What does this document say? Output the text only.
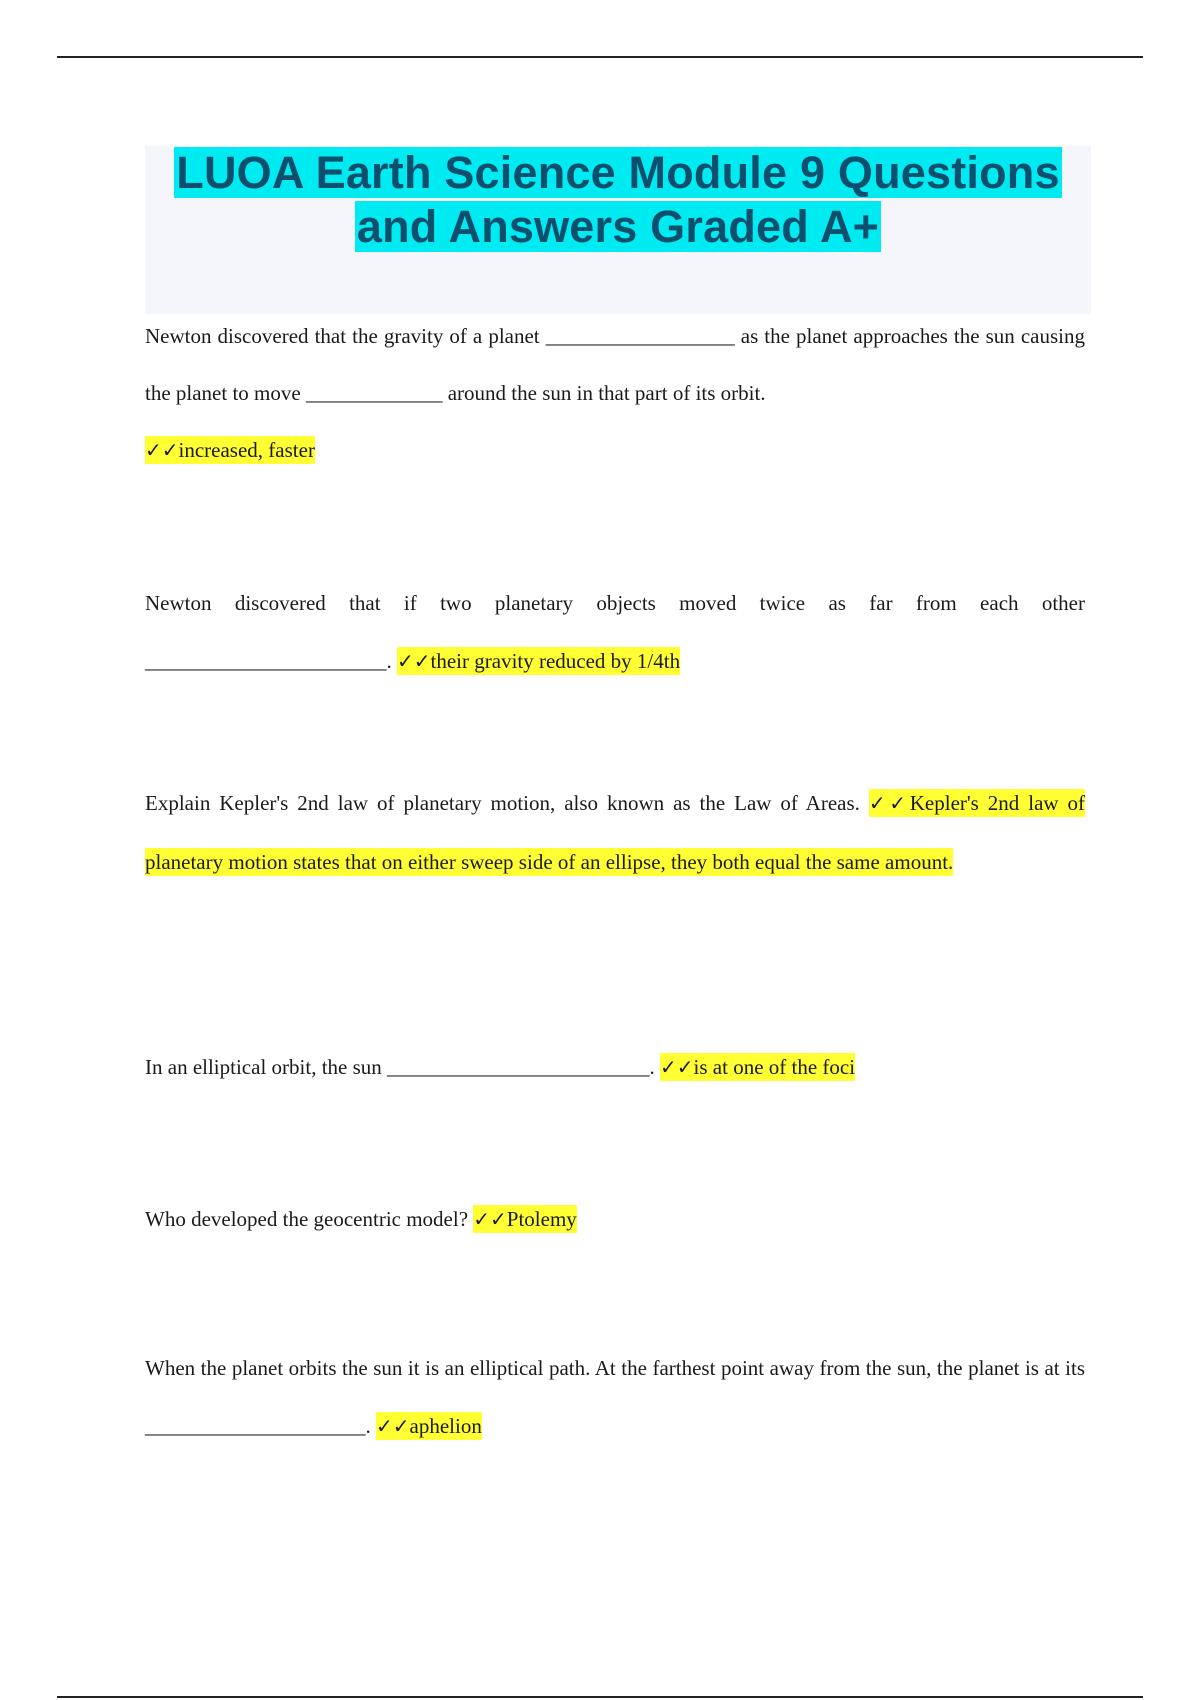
LUOA Earth Science Module 9 Questions
and Answers Graded A+

Newton discovered that the gravity of a planet __________________ as the planet approaches the sun causing the planet to move _____________ around the sun in that part of its orbit.
✓✓increased, faster

Newton discovered that if two planetary objects moved twice as far from each other _______________________. ✓✓their gravity reduced by 1/4th

Explain Kepler's 2nd law of planetary motion, also known as the Law of Areas. ✓✓Kepler's 2nd law of planetary motion states that on either sweep side of an ellipse, they both equal the same amount.

In an elliptical orbit, the sun _________________________. ✓✓is at one of the foci

Who developed the geocentric model? ✓✓Ptolemy

When the planet orbits the sun it is an elliptical path. At the farthest point away from the sun, the planet is at its _____________________. ✓✓aphelion
